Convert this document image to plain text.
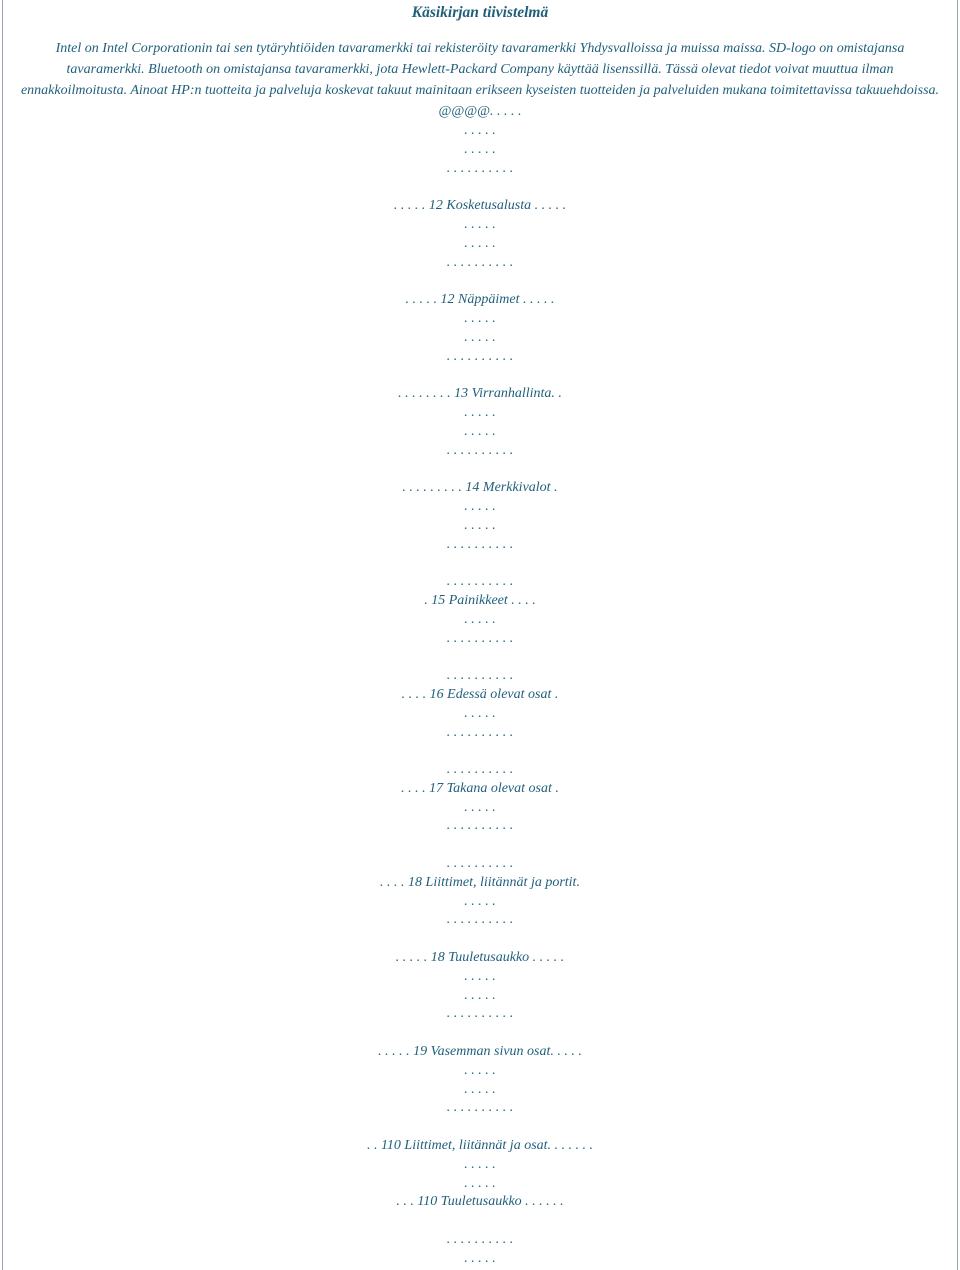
Käsikirjan tiivistelmä

Intel on Intel Corporationin tai sen tytäryhtiöiden tavaramerkki tai rekisteröity tavaramerkki Yhdysvalloissa ja muissa maissa. SD-logo on omistajansa tavaramerkki. Bluetooth on omistajansa tavaramerkki, jota Hewlett-Packard Company käyttää lisenssillä. Tässä olevat tiedot voivat muuttua ilman ennakkoilmoitusta. Ainoat HP:n tuotteita ja palveluja koskevat takuut mainitaan erikseen kyseisten tuotteiden ja palveluiden mukana toimitettavissa takuuehdoissa. @@@@. . . . .

. . . . .
. . . . .
. . . . . . . . . .
. . . . . 12 Kosketusalusta . . . . .
. . . . .
. . . . .
. . . . . . . . . .
. . . . . 12 Näppäimet . . . . .
. . . . .
. . . . .
. . . . . . . . . .
. . . . . . . . 13 Virranhallinta. .
. . . . .
. . . . .
. . . . . . . . . .
. . . . . . . . . 14 Merkkivalot .
. . . . .
. . . . .
. . . . . . . . . .
. . . . . . . . . .
. 15 Painikkeet . . . .
. . . . .
. . . . . . . . . .
. . . . . . . . . .
. . . . 16 Edessä olevat osat .
. . . . .
. . . . . . . . . .
. . . . . . . . . .
. . . . 17 Takana olevat osat .
. . . . .
. . . . . . . . . .
. . . . . . . . . .
. . . . 18 Liittimet, liitännät ja portit.
. . . . .
. . . . . . . . . .
. . . . . 18 Tuuletusaukko . . . . .
. . . . .
. . . . .
. . . . . . . . . .
. . . . . 19 Vasemman sivun osat. . . . .
. . . . .
. . . . .
. . . . . . . . . .
. . 110 Liittimet, liitännät ja osat. . . . . . .
. . . . .
. . . . .
. . . 110 Tuuletusaukko . . . . . .
. . . . . . . . . .
. . . . .
